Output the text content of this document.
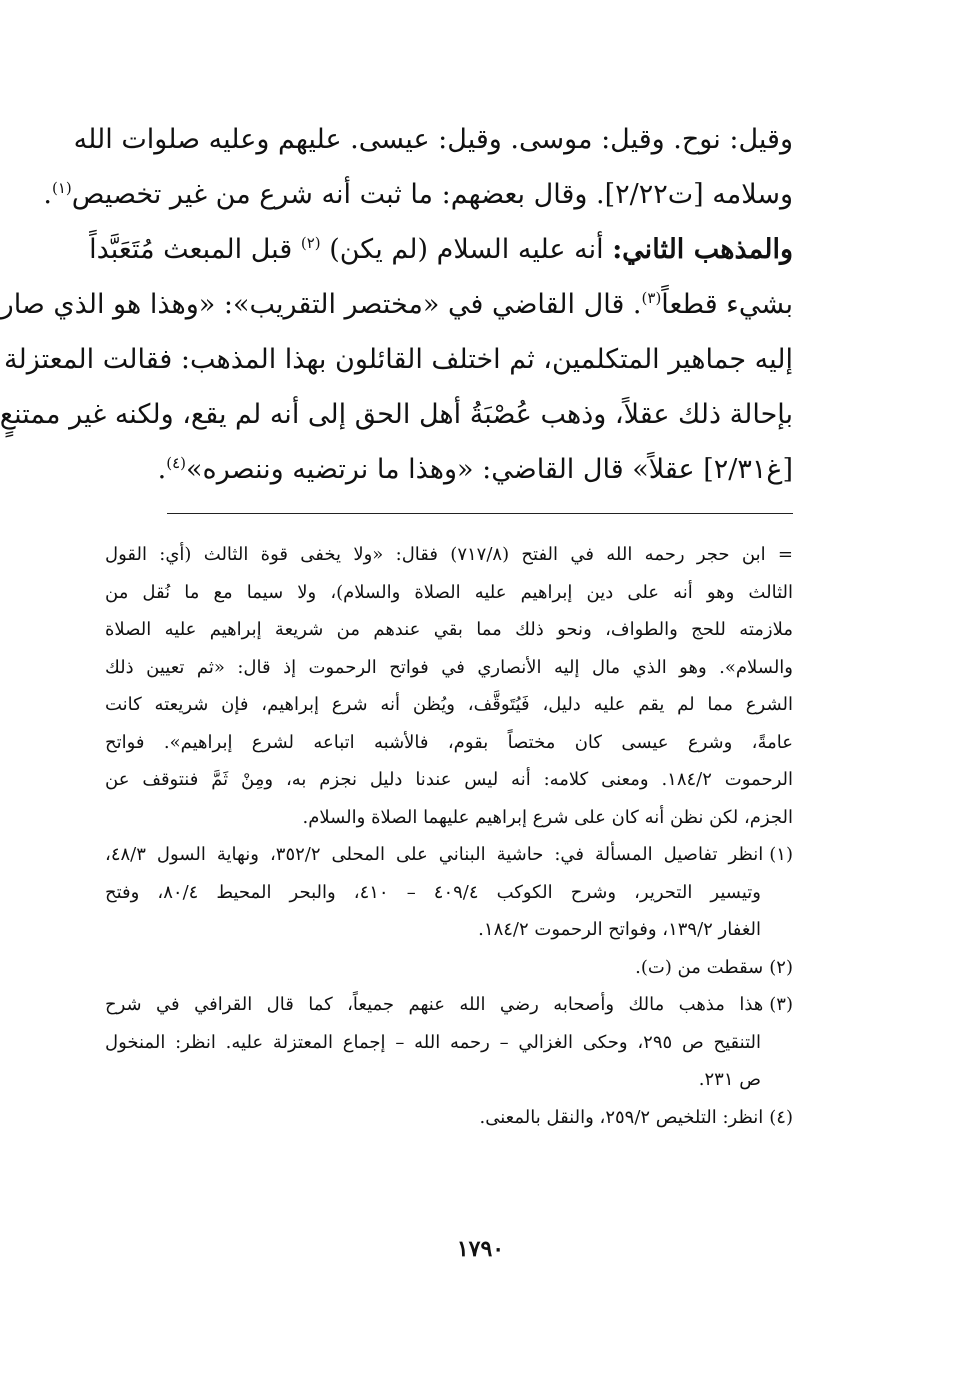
وقيل: نوح. وقيل: موسى. وقيل: عيسى. عليهم وعليه صلوات الله
وسلامه [ت٢/٢٢]. وقال بعضهم: ما ثبت أنه شرع من غير تخصيص$^{(١)}$.
والمذهب الثاني: أنه عليه السلام (لم يكن) $^{(٢)}$ قبل المبعث مُتَعَبَّداً
بشيء قطعاً$^{(٣)}$. قال القاضي في «مختصر التقريب»: «وهذا هو الذي صار
إليه جماهير المتكلمين، ثم اختلف القائلون بهذا المذهب: فقالت المعتزلة
بإحالة ذلك عقلاً، وذهب عُصْبَةُ أهل الحق إلى أنه لم يقع، ولكنه غير ممتنعٍ
[غ٢/٣١] عقلاً» قال القاضي: «وهذا ما نرتضيه وننصره»$^{(٤)}$.
= ابن حجر رحمه الله في الفتح (٧١٧/٨) فقال: «ولا يخفى قوة الثالث (أي: القول
الثالث وهو أنه على دين إبراهيم عليه الصلاة والسلام)، ولا سيما مع ما نُقل من
ملازمته للحج والطواف، ونحو ذلك مما بقي عندهم من شريعة إبراهيم عليه الصلاة
والسلام». وهو الذي مال إليه الأنصاري في فواتح الرحموت إذ قال: «ثم تعيين ذلك
الشرع مما لم يقم عليه دليل، فَيُتَوقَّف، ويُظن أنه شرع إبراهيم، فإن شريعته كانت
عامةً، وشرع عيسى كان مختصاً بقوم، فالأشبه اتباعه لشرع إبراهيم». فواتح
الرحموت ١٨٤/٢. ومعنى كلامه: أنه ليس عندنا دليل نجزم به، ومِنْ ثَمَّ فنتوقف عن
الجزم، لكن نظن أنه كان على شرع إبراهيم عليهما الصلاة والسلام.
(١)انظر تفاصيل المسألة في: حاشية البناني على المحلى ٣٥٢/٢، ونهاية السول ٤٨/٣،
وتيسير التحرير، وشرح الكوكب ٤٠٩/٤ – ٤١٠، والبحر المحيط ٨٠/٤، وفتح
الغفار ١٣٩/٢، وفواتح الرحموت ١٨٤/٢.
(٢)سقطت من (ت).
(٣)هذا مذهب مالك وأصحابه رضي الله عنهم جميعاً، كما قال القرافي في شرح
التنقيح ص ٢٩٥، وحكى الغزالي – رحمه الله – إجماع المعتزلة عليه. انظر: المنخول
ص ٢٣١.
(٤)انظر: التلخيص ٢٥٩/٢، والنقل بالمعنى.
١٧٩٠
